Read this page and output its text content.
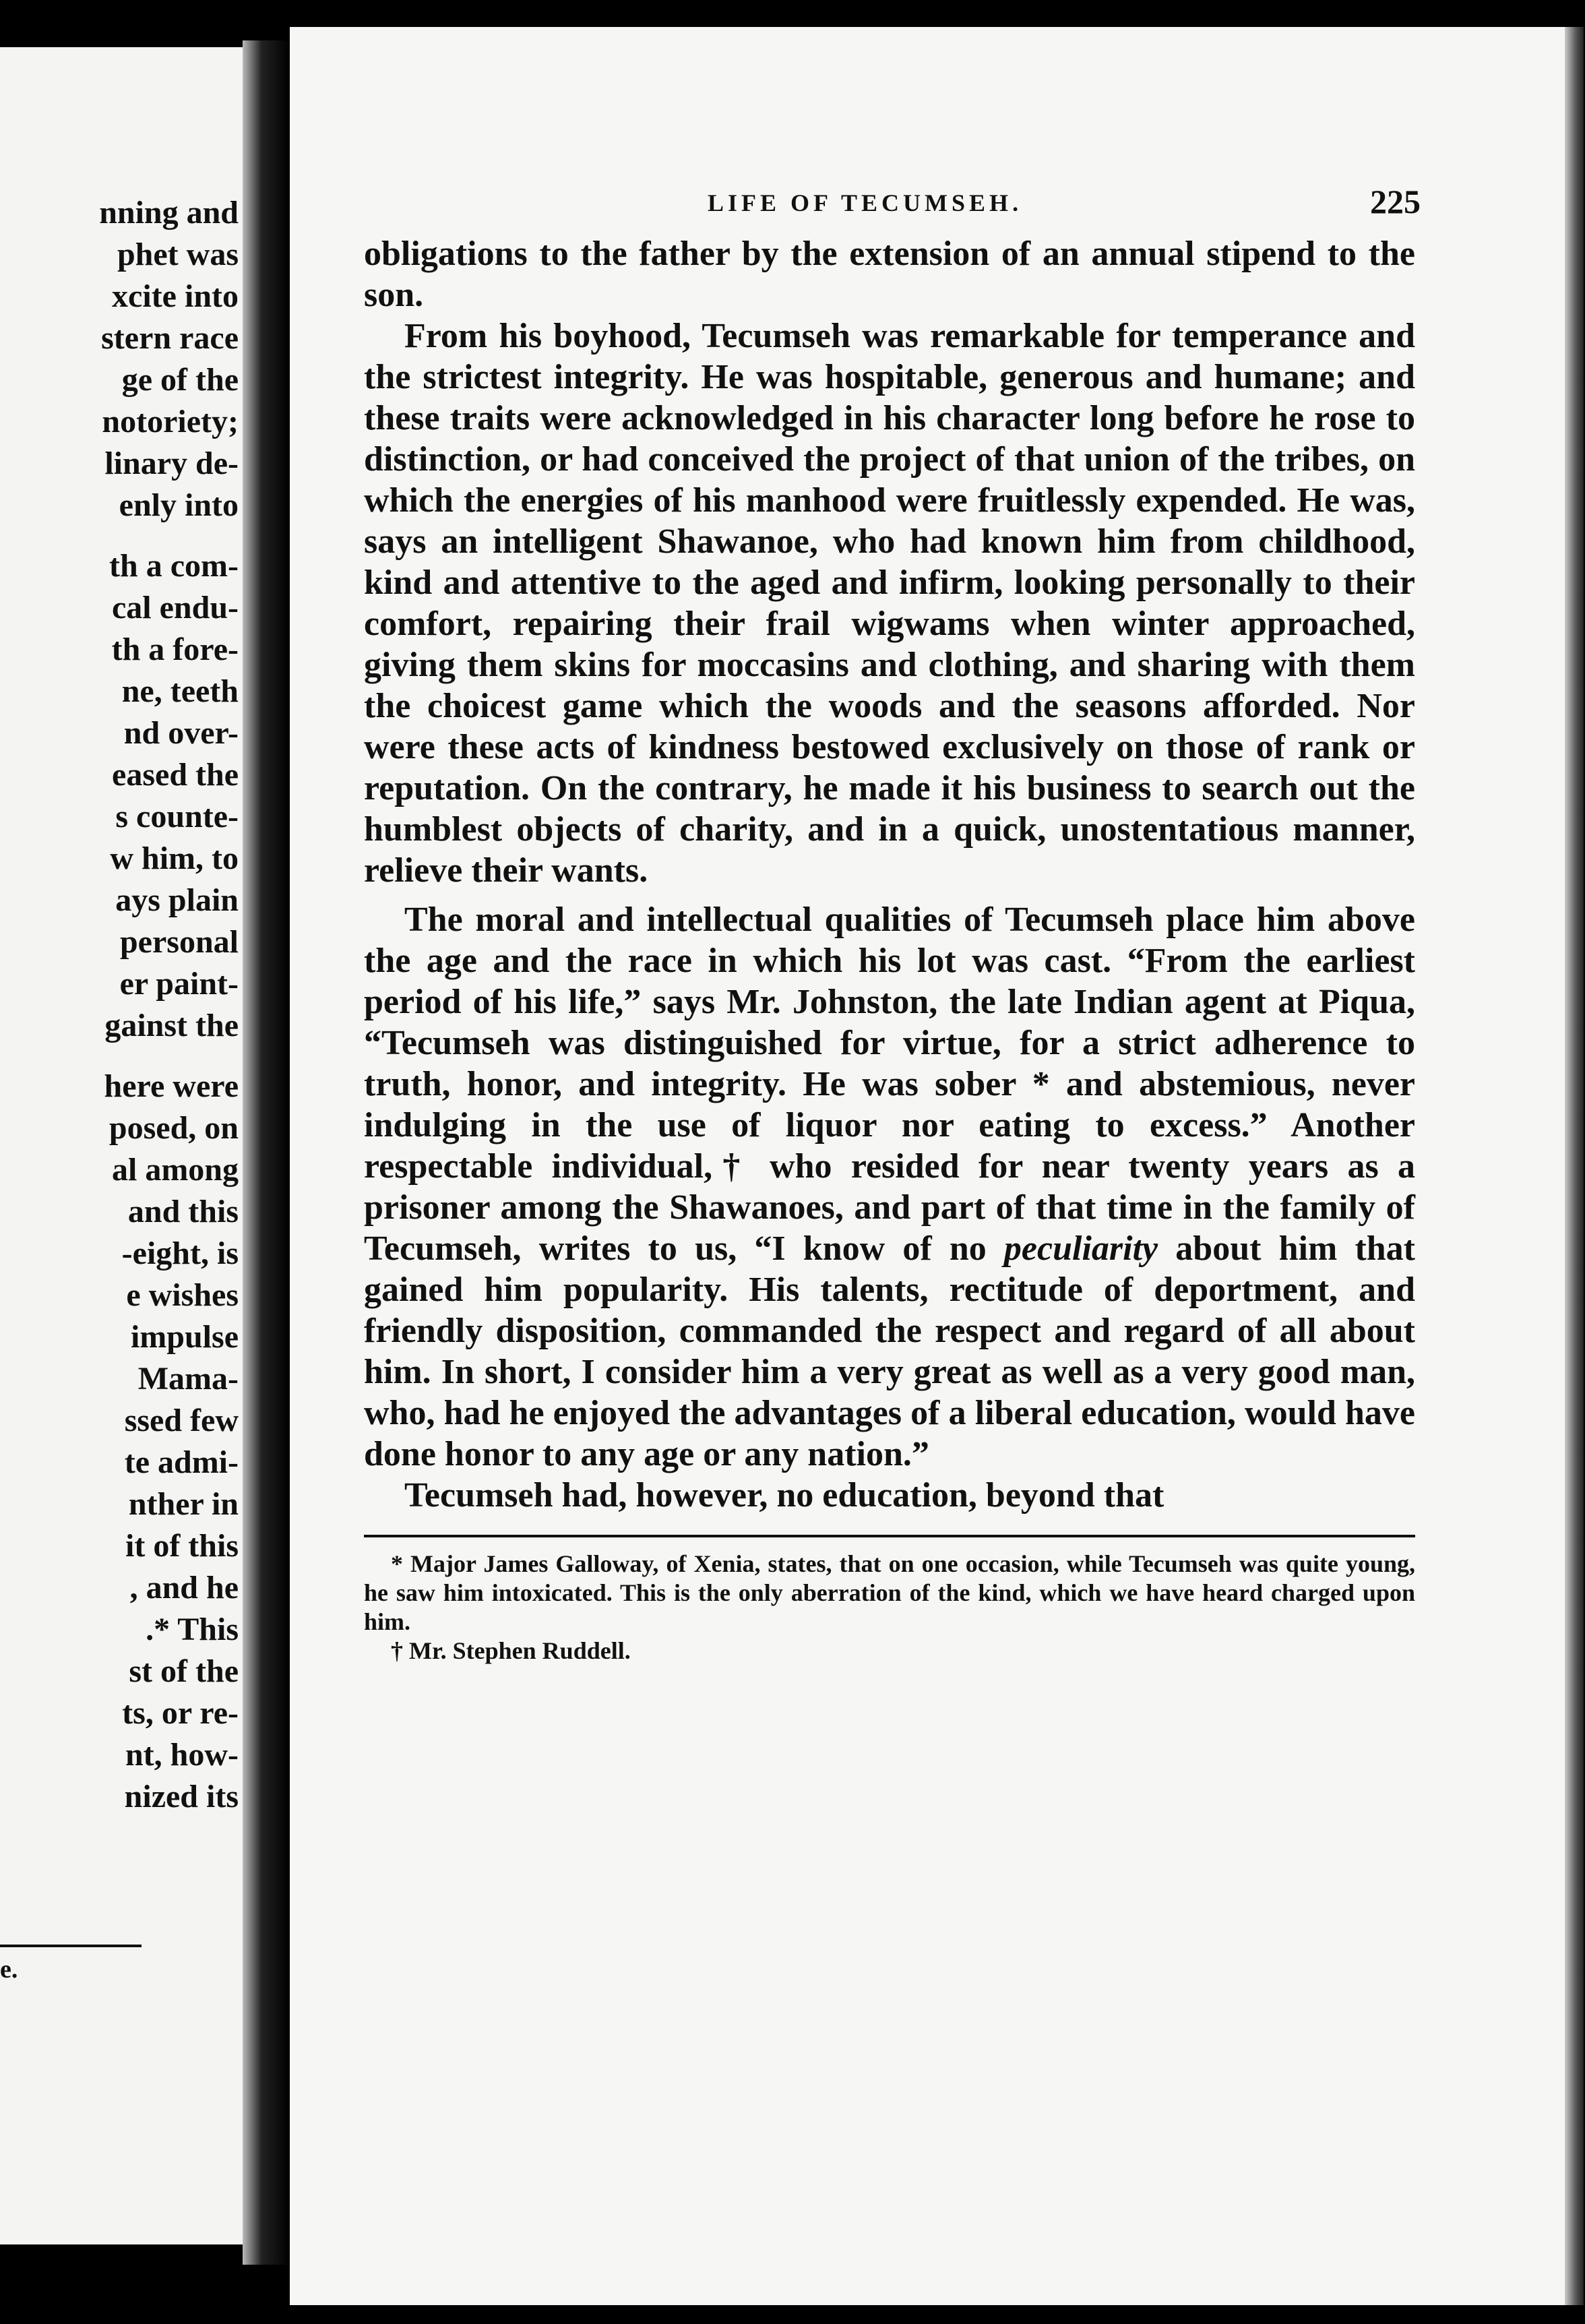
nning and
phet was
xcite into
stern race
ge of the
notoriety;
linary de-
enly into
th a com-
cal endu-
th a fore-
ne, teeth
nd over-
eased the
s counte-
w him, to
ays plain
personal
er paint-
gainst the
here were
posed, on
al among
and this
-eight, is
e wishes
impulse
Mama-
ssed few
te admi-
nther in
it of this
, and he
.* This
st of the
ts, or re-
nt, how-
nized its
e.
LIFE OF TECUMSEH.	225

obligations to the father by the extension of an annual stipend to the son.

From his boyhood, Tecumseh was remarkable for temperance and the strictest integrity. He was hospitable, generous and humane; and these traits were acknowledged in his character long before he rose to distinction, or had conceived the project of that union of the tribes, on which the energies of his manhood were fruitlessly expended. He was, says an intelligent Shawanoe, who had known him from childhood, kind and attentive to the aged and infirm, looking personally to their comfort, repairing their frail wigwams when winter approached, giving them skins for moccasins and clothing, and sharing with them the choicest game which the woods and the seasons afforded. Nor were these acts of kindness bestowed exclusively on those of rank or reputation. On the contrary, he made it his business to search out the humblest objects of charity, and in a quick, unostentatious manner, relieve their wants.

The moral and intellectual qualities of Tecumseh place him above the age and the race in which his lot was cast. “From the earliest period of his life,” says Mr. Johnston, the late Indian agent at Piqua, “Tecumseh was distinguished for virtue, for a strict adherence to truth, honor, and integrity. He was sober * and abstemious, never indulging in the use of liquor nor eating to excess.” Another respectable individual,† who resided for near twenty years as a prisoner among the Shawanoes, and part of that time in the family of Tecumseh, writes to us, “I know of no peculiarity about him that gained him popularity. His talents, rectitude of deportment, and friendly disposition, commanded the respect and regard of all about him. In short, I consider him a very great as well as a very good man, who, had he enjoyed the advantages of a liberal education, would have done honor to any age or any nation.”

Tecumseh had, however, no education, beyond that

* Major James Galloway, of Xenia, states, that on one occasion, while Tecumseh was quite young, he saw him intoxicated. This is the only aberration of the kind, which we have heard charged upon him.

† Mr. Stephen Ruddell.
